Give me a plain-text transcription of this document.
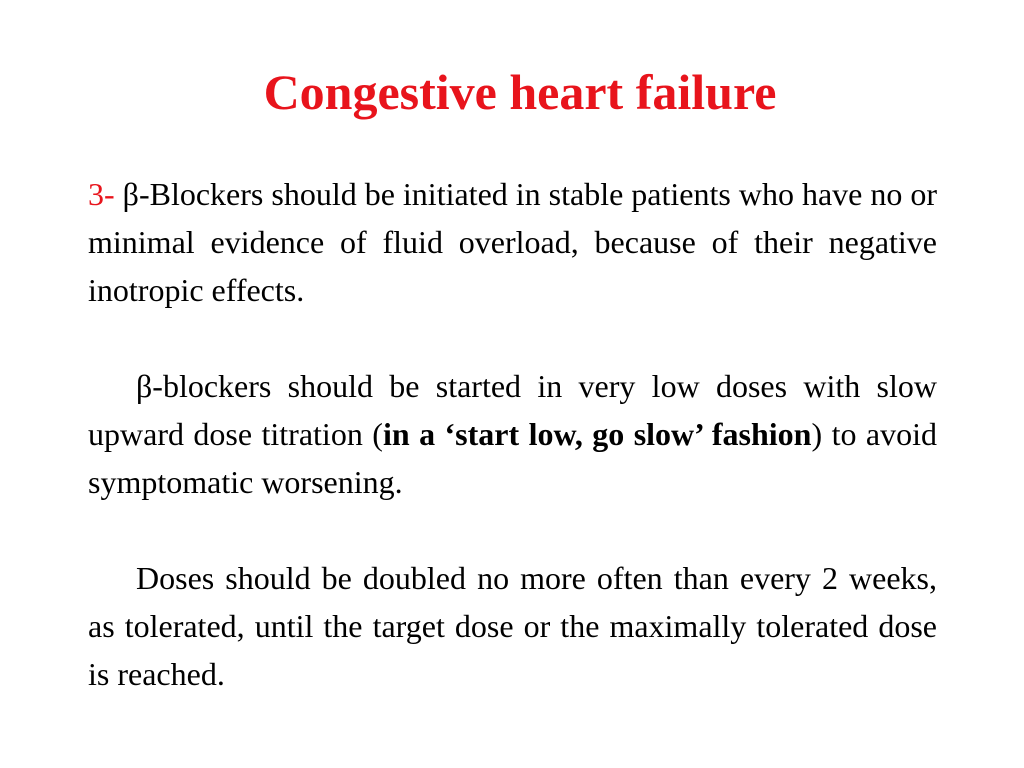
Congestive heart failure
3- β-Blockers should be initiated in stable patients who have no or minimal evidence of fluid overload, because of their negative inotropic effects.
β-blockers should be started in very low doses with slow upward dose titration (in a ‘start low, go slow’ fashion) to avoid symptomatic worsening.
Doses should be doubled no more often than every 2 weeks, as tolerated, until the target dose or the maximally tolerated dose is reached.
